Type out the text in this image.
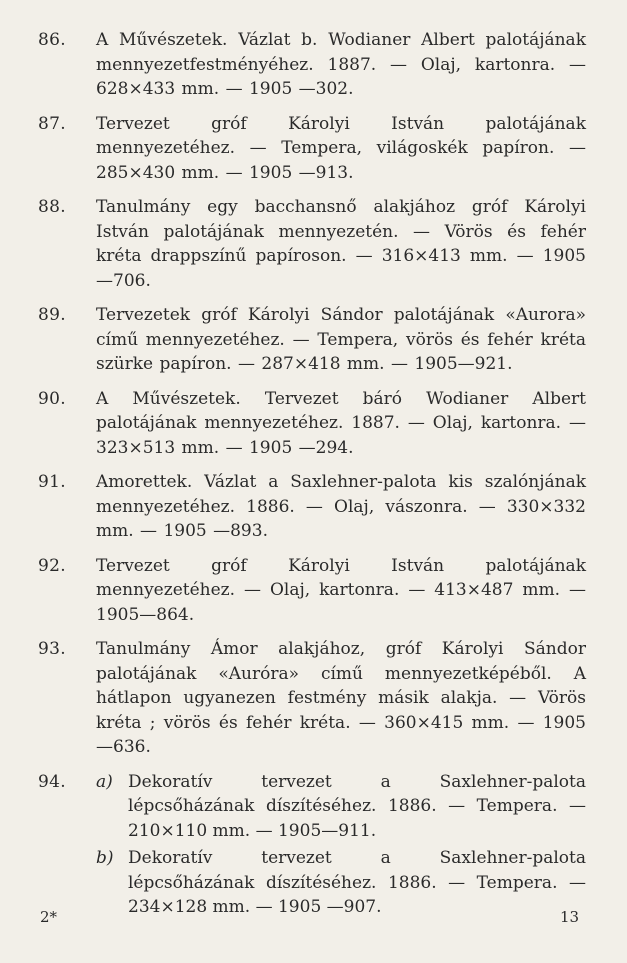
86.	A Művészetek. Vázlat b. Wodianer Albert palotájának mennyezetfestményéhez. 1887. — Olaj, kartonra. — 628×433 mm. — 1905 —302.
87.	Tervezet gróf Károlyi István palotájának mennyezetéhez. — Tempera, világoskék papíron. — 285×430 mm. — 1905 —913.
88.	Tanulmány egy bacchansnő alakjához gróf Károlyi István palotájának mennyezetén. — Vörös és fehér kréta drappszínű papíroson. — 316×413 mm. — 1905 —706.
89.	Tervezetek gróf Károlyi Sándor palotájának «Aurora» című mennyezetéhez. — Tempera, vörös és fehér kréta szürke papíron. — 287×418 mm. — 1905—921.
90.	A Művészetek. Tervezet báró Wodianer Albert palotájának mennyezetéhez. 1887. — Olaj, kartonra. — 323×513 mm. — 1905 —294.
91.	Amorettek. Vázlat a Saxlehner-palota kis szalónjának mennyezetéhez. 1886. — Olaj, vászonra. — 330×332 mm. — 1905 —893.
92.	Tervezet gróf Károlyi István palotájának mennyezetéhez. — Olaj, kartonra. — 413×487 mm. — 1905—864.
93.	Tanulmány Ámor alakjához, gróf Károlyi Sándor palotájának «Auróra» című mennyezetképéből. A hátlapon ugyanezen festmény másik alakja. — Vörös kréta ; vörös és fehér kréta. — 360×415 mm. — 1905 —636.
94.	a) Dekoratív tervezet a Saxlehner-palota lépcsőházának díszítéséhez. 1886. — Tempera. — 210×110 mm. — 1905—911.
b) Dekoratív tervezet a Saxlehner-palota lépcsőházának díszítéséhez. 1886. — Tempera. — 234×128 mm. — 1905 —907.
2*	13
